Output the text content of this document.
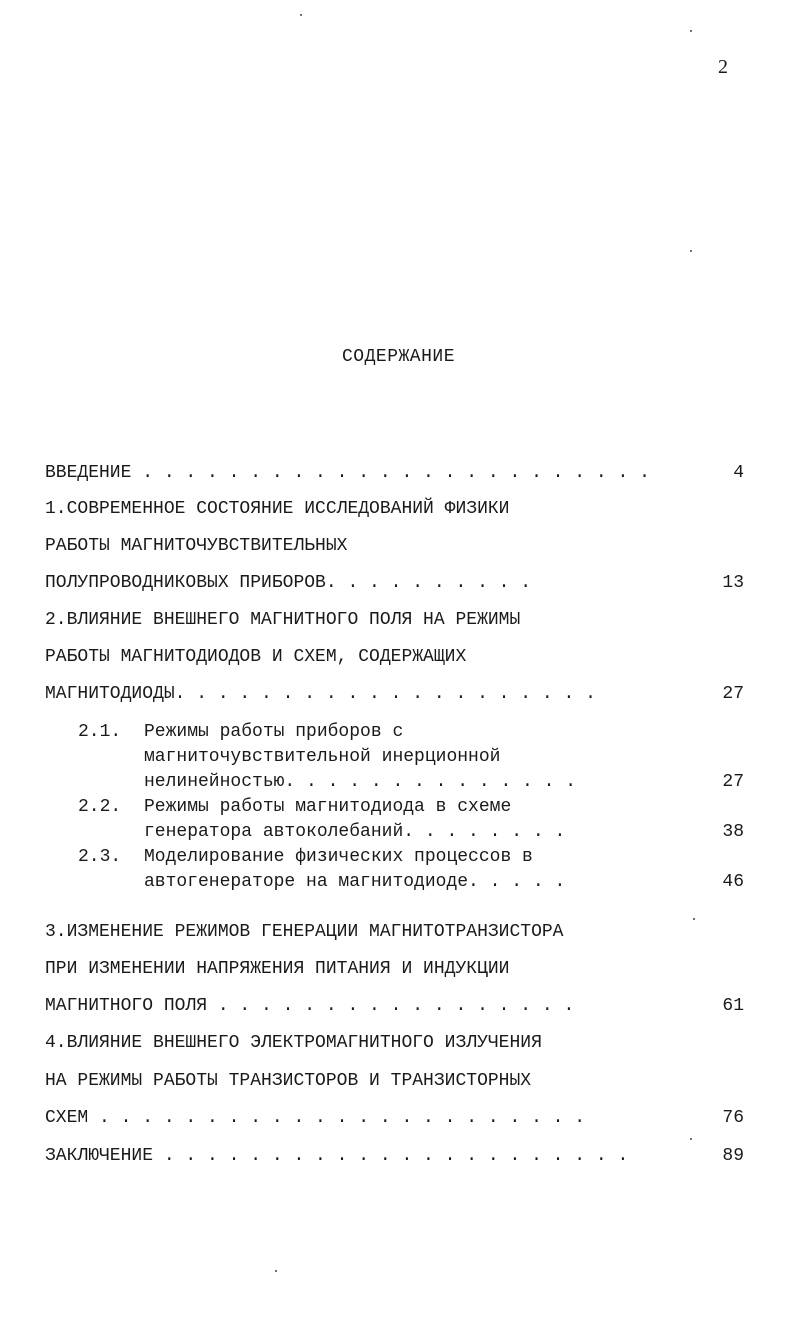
2
СОДЕРЖАНИЕ
ВВЕДЕНИЕ . . . . . . . . . . . . . . . . . . . . . . . .	4
1.СОВРЕМЕННОЕ СОСТОЯНИЕ ИССЛЕДОВАНИЙ ФИЗИКИ
РАБОТЫ МАГНИТОЧУВСТВИТЕЛЬНЫХ
ПОЛУПРОВОДНИКОВЫХ ПРИБОРОВ. . . . . . . . . .	13
2.ВЛИЯНИЕ ВНЕШНЕГО МАГНИТНОГО ПОЛЯ НА РЕЖИМЫ
РАБОТЫ МАГНИТОДИОДОВ И СХЕМ, СОДЕРЖАЩИХ
МАГНИТОДИОДЫ. . . . . . . . . . . . . . . . . . . .	27
2.1. Режимы работы приборов с
магниточувствительной инерционной
нелинейностью. . . . . . . . . . . . . .	27
2.2. Режимы работы магнитодиода в схеме
генератора автоколебаний. . . . . . . .	38
2.3. Моделирование физических процессов в
автогенераторе на магнитодиоде. . . . .	46
3.ИЗМЕНЕНИЕ РЕЖИМОВ ГЕНЕРАЦИИ МАГНИТОТРАНЗИСТОРА
ПРИ ИЗМЕНЕНИИ НАПРЯЖЕНИЯ ПИТАНИЯ И ИНДУКЦИИ
МАГНИТНОГО ПОЛЯ . . . . . . . . . . . . . . . . .	61
4.ВЛИЯНИЕ ВНЕШНЕГО ЭЛЕКТРОМАГНИТНОГО ИЗЛУЧЕНИЯ
НА РЕЖИМЫ РАБОТЫ ТРАНЗИСТОРОВ И ТРАНЗИСТОРНЫХ
СХЕМ . . . . . . . . . . . . . . . . . . . . . . .	76
ЗАКЛЮЧЕНИЕ . . . . . . . . . . . . . . . . . . . . . .	89
